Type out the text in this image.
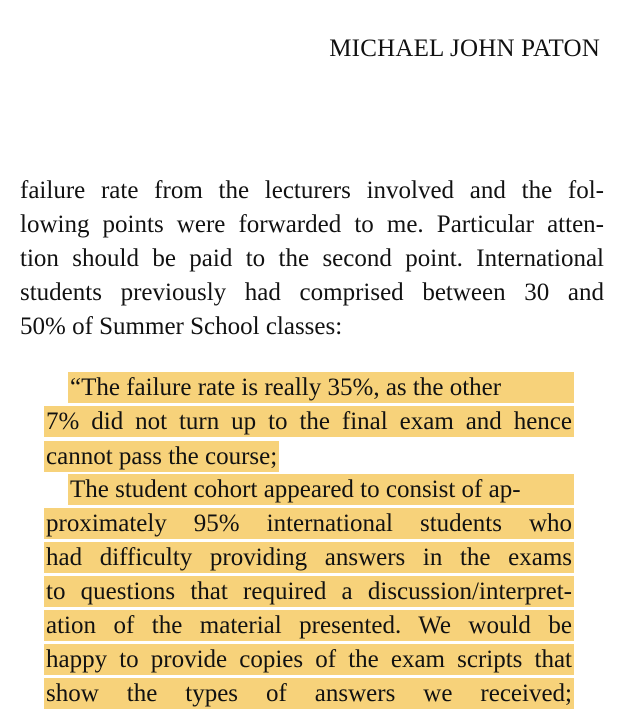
MICHAEL JOHN PATON
failure rate from the lecturers involved and the fol-
lowing points were forwarded to me. Particular atten-
tion should be paid to the second point. International
students previously had comprised between 30 and
50% of Summer School classes:
“The failure rate is really 35%, as the other
7% did not turn up to the final exam and hence
cannot pass the course;
The student cohort appeared to consist of ap-
proximately 95% international students who
had difficulty providing answers in the exams
to questions that required a discussion/interpret-
ation of the material presented. We would be
happy to provide copies of the exam scripts that
show the types of answers we received;
